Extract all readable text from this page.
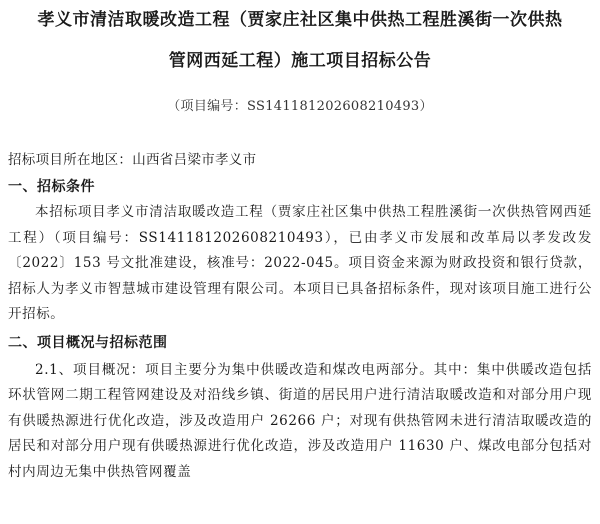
孝义市清洁取暖改造工程（贾家庄社区集中供热工程胜溪街一次供热
管网西延工程）施工项目招标公告
（项目编号：SS141181202608210493）
招标项目所在地区：山西省吕梁市孝义市
一、招标条件

本招标项目孝义市清洁取暖改造工程（贾家庄社区集中供热工程胜溪街一次供热管网西延工程）（项目编号：SS141181202608210493），已由孝义市发展和改革局以孝发改发〔2022〕153 号文批准建设，核准号：2022-045。项目资金来源为财政投资和银行贷款，招标人为孝义市智慧城市建设管理有限公司。本项目已具备招标条件，现对该项目施工进行公开招标。

二、项目概况与招标范围

2.1、项目概况：项目主要分为集中供暖改造和煤改电两部分。其中：集中供暖改造包括环状管网二期工程管网建设及对沿线乡镇、街道的居民用户进行清洁取暖改造和对部分用户现有供暖热源进行优化改造，涉及改造用户 26266 户；对现有供热管网未进行清洁取暖改造的居民和对部分用户现有供暖热源进行优化改造，涉及改造用户 11630 户、煤改电部分包括对村内周边无集中供热管网覆盖
